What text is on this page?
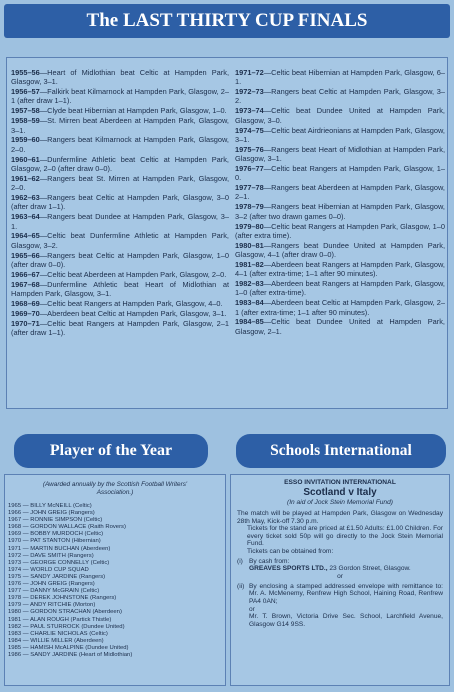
The LAST THIRTY CUP FINALS
1955–56—Heart of Midlothian beat Celtic at Hampden Park, Glasgow, 3–1.
1956–57—Falkirk beat Kilmarnock at Hampden Park, Glasgow, 2–1 (after draw 1–1).
1957–58—Clyde beat Hibernian at Hampden Park, Glasgow, 1–0.
1958–59—St. Mirren beat Aberdeen at Hampden Park, Glasgow, 3–1.
1959–60—Rangers beat Kilmarnock at Hampden Park, Glasgow, 2–0.
1960–61—Dunfermline Athletic beat Celtic at Hampden Park, Glasgow, 2–0 (after draw 0–0).
1961–62—Rangers beat St. Mirren at Hampden Park, Glasgow, 2–0.
1962–63—Rangers beat Celtic at Hampden Park, Glasgow, 3–0 (after draw 1–1).
1963–64—Rangers beat Dundee at Hampden Park, Glasgow, 3–1.
1964–65—Celtic beat Dunfermline Athletic at Hampden Park, Glasgow, 3–2.
1965–66—Rangers beat Celtic at Hampden Park, Glasgow, 1–0 (after draw 0–0).
1966–67—Celtic beat Aberdeen at Hampden Park, Glasgow, 2–0.
1967–68—Dunfermline Athletic beat Heart of Midlothian at Hampden Park, Glasgow, 3–1.
1968–69—Celtic beat Rangers at Hampden Park, Glasgow, 4–0.
1969–70—Aberdeen beat Celtic at Hampden Park, Glasgow, 3–1.
1970–71—Celtic beat Rangers at Hampden Park, Glasgow, 2–1 (after draw 1–1).
1971–72—Celtic beat Hibernian at Hampden Park, Glasgow, 6–1.
1972–73—Rangers beat Celtic at Hampden Park, Glasgow, 3–2.
1973–74—Celtic beat Dundee United at Hampden Park, Glasgow, 3–0.
1974–75—Celtic beat Airdrieonians at Hampden Park, Glasgow, 3–1.
1975–76—Rangers beat Heart of Midlothian at Hampden Park, Glasgow, 3–1.
1976–77—Celtic beat Rangers at Hampden Park, Glasgow, 1–0.
1977–78—Rangers beat Aberdeen at Hampden Park, Glasgow, 2–1.
1978–79—Rangers beat Hibernian at Hampden Park, Glasgow, 3–2 (after two drawn games 0–0).
1979–80—Celtic beat Rangers at Hampden Park, Glasgow, 1–0 (after extra time).
1980–81—Rangers beat Dundee United at Hampden Park, Glasgow, 4–1 (after draw 0–0).
1981–82—Aberdeen beat Rangers at Hampden Park, Glasgow, 4–1 (after extra-time; 1–1 after 90 minutes).
1982–83—Aberdeen beat Rangers at Hampden Park, Glasgow, 1–0 (after extra-time).
1983–84—Aberdeen beat Celtic at Hampden Park, Glasgow, 2–1 (after extra-time; 1–1 after 90 minutes).
1984–85—Celtic beat Dundee United at Hampden Park, Glasgow, 2–1.
Player of the Year	Schools International
(Awarded annually by the Scottish Football Writers' Association.)
1965 — BILLY McNEILL (Celtic)
1966 — JOHN GREIG (Rangers)
1967 — RONNIE SIMPSON (Celtic)
1968 — GORDON WALLACE (Raith Rovers)
1969 — BOBBY MURDOCH (Celtic)
1970 — PAT STANTON (Hibernian)
1971 — MARTIN BUCHAN (Aberdeen)
1972 — DAVE SMITH (Rangers)
1973 — GEORGE CONNELLY (Celtic)
1974 — WORLD CUP SQUAD
1975 — SANDY JARDINE (Rangers)
1976 — JOHN GREIG (Rangers)
1977 — DANNY McGRAIN (Celtic)
1978 — DEREK JOHNSTONE (Rangers)
1979 — ANDY RITCHIE (Morton)
1980 — GORDON STRACHAN (Aberdeen)
1981 — ALAN ROUGH (Partick Thistle)
1982 — PAUL STURROCK (Dundee United)
1983 — CHARLIE NICHOLAS (Celtic)
1984 — WILLIE MILLER (Aberdeen)
1985 — HAMISH McALPINE (Dundee United)
1986 — SANDY JARDINE (Heart of Midlothian)
ESSO INVITATION INTERNATIONAL
Scotland v Italy
(In aid of Jock Stein Memorial Fund)
The match will be played at Hampden Park, Glasgow on Wednesday 28th May, Kick-off 7.30 p.m.
Tickets for the stand are priced at £1.50 Adults: £1.00 Children. For every ticket sold 50p will go directly to the Jock Stein Memorial Fund.
Tickets can be obtained from:
(i) By cash from:
GREAVES SPORTS LTD., 23 Gordon Street, Glasgow.
or
(ii) By enclosing a stamped addressed envelope with remittance to: Mr. A. McMenemy, Renfrew High School, Haining Road, Renfrew PA4 0AN;
or
Mr. T. Brown, Victoria Drive Sec. School, Larchfield Avenue, Glasgow G14 9SS.
